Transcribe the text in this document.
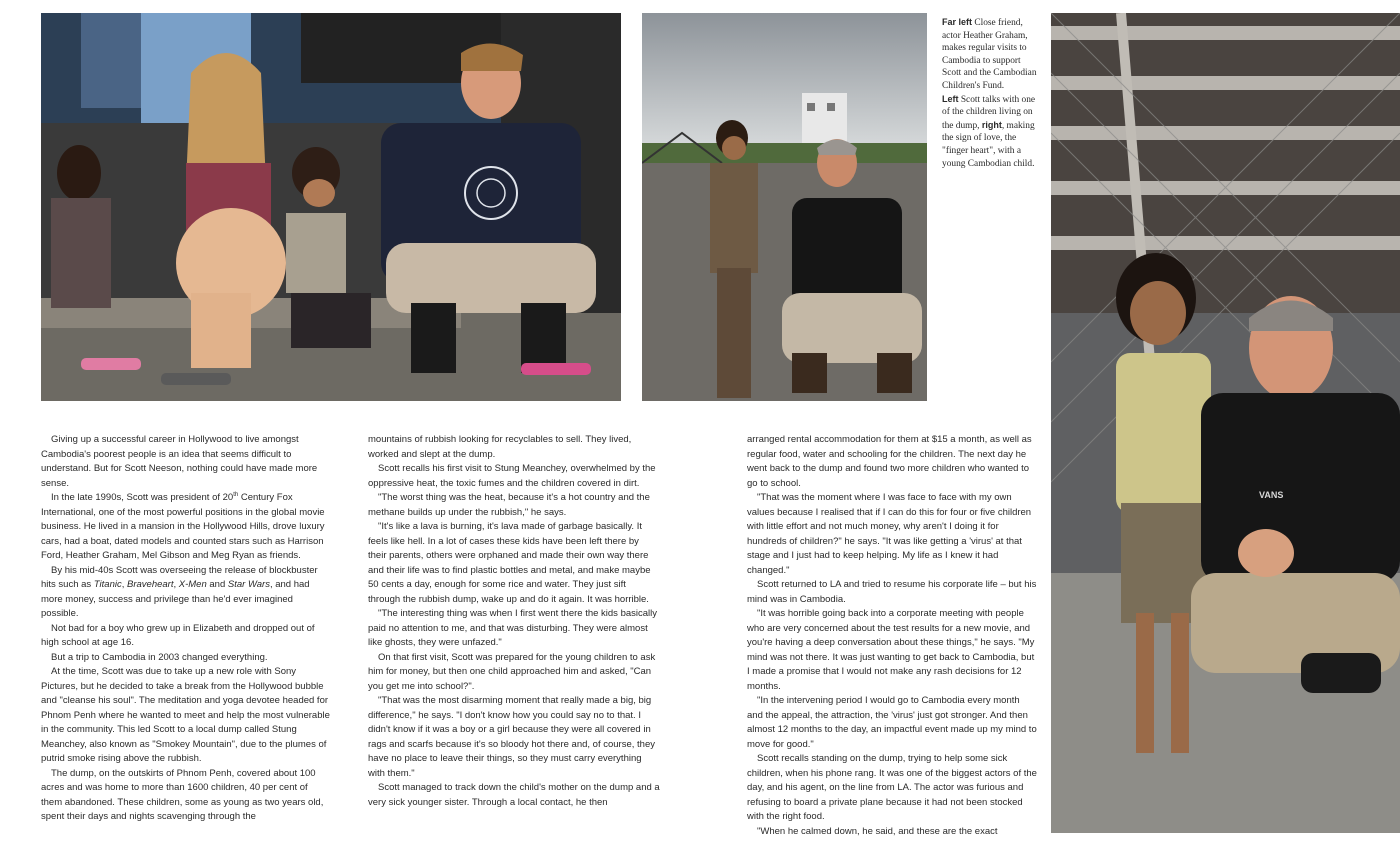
Far left Close friend, actor Heather Graham, makes regular visits to Cambodia to support Scott and the Cambodian Children's Fund.
Left Scott talks with one of the children living on the dump, right, making the sign of love, the "finger heart", with a young Cambodian child.
VANS

Giving up a successful career in Hollywood to live amongst Cambodia's poorest people is an idea that seems difficult to understand. But for Scott Neeson, nothing could have made more sense.

In the late 1990s, Scott was president of 20th Century Fox International, one of the most powerful positions in the global movie business. He lived in a mansion in the Hollywood Hills, drove luxury cars, had a boat, dated models and counted stars such as Harrison Ford, Heather Graham, Mel Gibson and Meg Ryan as friends.

By his mid-40s Scott was overseeing the release of blockbuster hits such as Titanic, Braveheart, X-Men and Star Wars, and had more money, success and privilege than he'd ever imagined possible.

Not bad for a boy who grew up in Elizabeth and dropped out of high school at age 16.

But a trip to Cambodia in 2003 changed everything.

At the time, Scott was due to take up a new role with Sony Pictures, but he decided to take a break from the Hollywood bubble and "cleanse his soul". The meditation and yoga devotee headed for Phnom Penh where he wanted to meet and help the most vulnerable in the community. This led Scott to a local dump called Stung Meanchey, also known as "Smokey Mountain", due to the plumes of putrid smoke rising above the rubbish.

The dump, on the outskirts of Phnom Penh, covered about 100 acres and was home to more than 1600 children, 40 per cent of them abandoned. These children, some as young as two years old, spent their days and nights scavenging through the

mountains of rubbish looking for recyclables to sell. They lived, worked and slept at the dump.

Scott recalls his first visit to Stung Meanchey, overwhelmed by the oppressive heat, the toxic fumes and the children covered in dirt.

"The worst thing was the heat, because it's a hot country and the methane builds up under the rubbish," he says.

"It's like a lava is burning, it's lava made of garbage basically. It feels like hell. In a lot of cases these kids have been left there by their parents, others were orphaned and made their own way there and their life was to find plastic bottles and metal, and make maybe 50 cents a day, enough for some rice and water. They just sift through the rubbish dump, wake up and do it again. It was horrible.

"The interesting thing was when I first went there the kids basically paid no attention to me, and that was disturbing. They were almost like ghosts, they were unfazed."

On that first visit, Scott was prepared for the young children to ask him for money, but then one child approached him and asked, "Can you get me into school?".

"That was the most disarming moment that really made a big, big difference," he says. "I don't know how you could say no to that. I didn't know if it was a boy or a girl because they were all covered in rags and scarfs because it's so bloody hot there and, of course, they have no place to leave their things, so they must carry everything with them."

Scott managed to track down the child's mother on the dump and a very sick younger sister. Through a local contact, he then

arranged rental accommodation for them at $15 a month, as well as regular food, water and schooling for the children. The next day he went back to the dump and found two more children who wanted to go to school.

"That was the moment where I was face to face with my own values because I realised that if I can do this for four or five children with little effort and not much money, why aren't I doing it for hundreds of children?" he says. "It was like getting a 'virus' at that stage and I just had to keep helping. My life as I knew it had changed."

Scott returned to LA and tried to resume his corporate life – but his mind was in Cambodia.

"It was horrible going back into a corporate meeting with people who are very concerned about the test results for a new movie, and you're having a deep conversation about these things," he says. "My mind was not there. It was just wanting to get back to Cambodia, but I made a promise that I would not make any rash decisions for 12 months.

"In the intervening period I would go to Cambodia every month and the appeal, the attraction, the 'virus' just got stronger. And then almost 12 months to the day, an impactful event made up my mind to move for good."

Scott recalls standing on the dump, trying to help some sick children, when his phone rang. It was one of the biggest actors of the day, and his agent, on the line from LA. The actor was furious and refusing to board a private plane because it had not been stocked with the right food.

"When he calmed down, he said, and these are the exact
